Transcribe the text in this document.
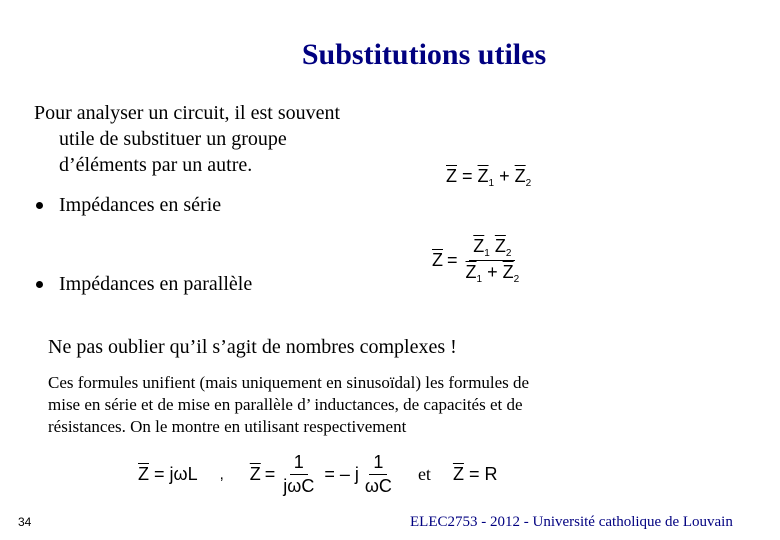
Substitutions utiles
Pour analyser un circuit, il est souvent
utile de substituer un groupe
d’éléments par un autre.
Impédances en série
Impédances en parallèle
$\overline{Z} = \overline{Z}_1 + \overline{Z}_2$
$\overline{Z} = \frac{\overline{Z}_1 \overline{Z}_2}{\overline{Z}_1 + \overline{Z}_2}$
Ne pas oublier qu’il s’agit de nombres complexes !
Ces formules unifient (mais uniquement en sinusoïdal) les formules de
mise en série et de mise en parallèle d’ inductances, de capacités et de
résistances. On le montre en utilisant respectivement
$\overline{Z} = j\omega L$ , $\overline{Z} = \frac{1}{\text{jωC}}$ = – j $\frac{1}{\omega C}$ et $\overline{Z} = R$
34	ELEC2753 - 2012 - Université catholique de Louvain
